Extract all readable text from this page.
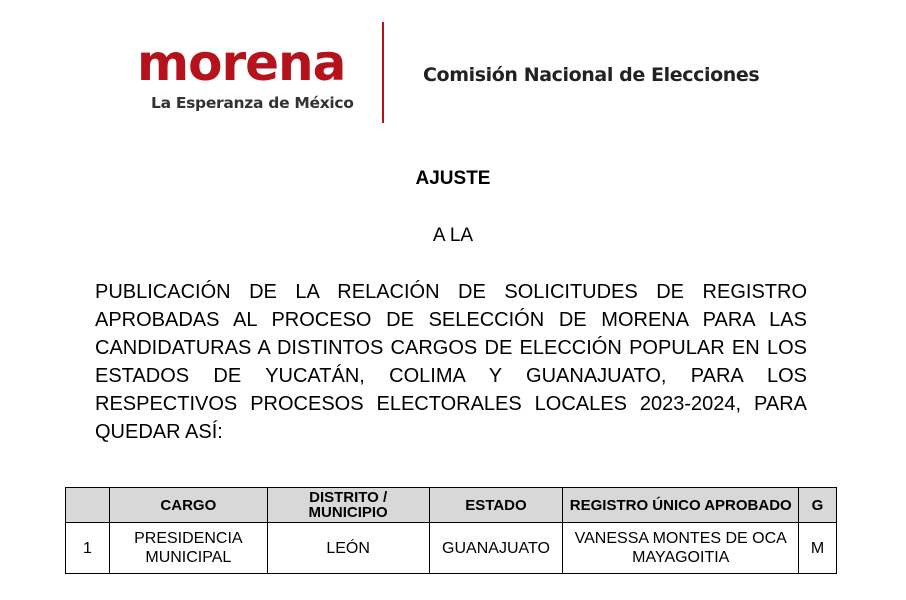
morena
La Esperanza de México
Comisión Nacional de Elecciones
AJUSTE
A LA
PUBLICACIÓN DE LA RELACIÓN DE SOLICITUDES DE REGISTRO APROBADAS AL PROCESO DE SELECCIÓN DE MORENA PARA LAS CANDIDATURAS A DISTINTOS CARGOS DE ELECCIÓN POPULAR EN LOS ESTADOS DE YUCATÁN, COLIMA Y GUANAJUATO, PARA LOS RESPECTIVOS PROCESOS ELECTORALES LOCALES 2023-2024, PARA QUEDAR ASÍ:
	CARGO	DISTRITO / MUNICIPIO	ESTADO	REGISTRO ÚNICO APROBADO	G
1	PRESIDENCIA MUNICIPAL	LEÓN	GUANAJUATO	VANESSA MONTES DE OCA MAYAGOITIA	M
